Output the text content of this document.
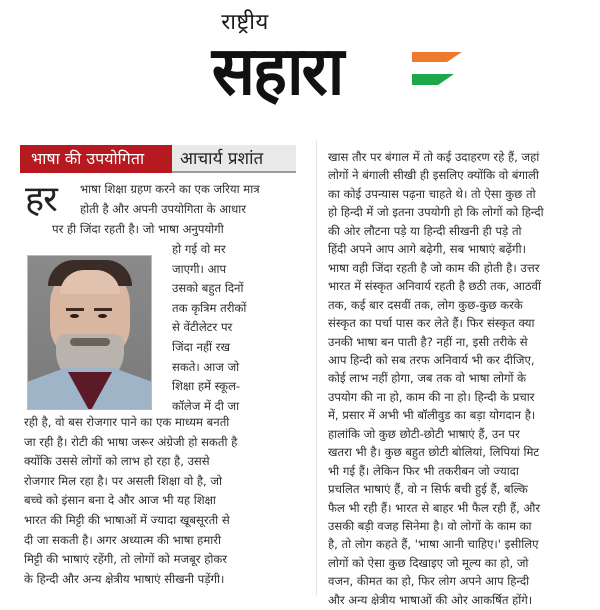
राष्ट्रीय
सहारा
भाषा की उपयोगिता	आचार्य प्रशांत
हर भाषा शिक्षा ग्रहण करने का एक जरिया मात्र
होती है और अपनी उपयोगिता के आधार
पर ही जिंदा रहती है। जो भाषा अनुपयोगी
हो गई वो मर
जाएगी। आप
उसको बहुत दिनों
तक कृत्रिम तरीकों
से वेंटीलेटर पर
जिंदा नहीं रख
सकते। आज जो
शिक्षा हमें स्कूल-
कॉलेज में दी जा
रही है, वो बस रोजगार पाने का एक माध्यम बनती
जा रही है। रोटी की भाषा जरूर अंग्रेजी हो सकती है
क्योंकि उससे लोगों को लाभ हो रहा है, उससे
रोजगार मिल रहा है। पर असली शिक्षा वो है, जो
बच्चे को इंसान बना दे और आज भी यह शिक्षा
भारत की मिट्टी की भाषाओं में ज्यादा खूबसूरती से
दी जा सकती है। अगर अध्यात्म की भाषा हमारी
मिट्टी की भाषाएं रहेंगी, तो लोगों को मजबूर होकर
के हिन्दी और अन्य क्षेत्रीय भाषाएं सीखनी पड़ेंगी।
खास तौर पर बंगाल में तो कई उदाहरण रहे हैं, जहां
लोगों ने बंगाली सीखी ही इसलिए क्योंकि वो बंगाली
का कोई उपन्यास पढ़ना चाहते थे। तो ऐसा कुछ तो
हो हिन्दी में जो इतना उपयोगी हो कि लोगों को हिन्दी
की ओर लौटना पड़े या हिन्दी सीखनी ही पड़े तो
हिंदी अपने आप आगे बढ़ेगी, सब भाषाएं बढ़ेंगी।
भाषा वही जिंदा रहती है जो काम की होती है। उत्तर
भारत में संस्कृत अनिवार्य रहती है छठी तक, आठवीं
तक, कई बार दसवीं तक, लोग कुछ-कुछ करके
संस्कृत का पर्चा पास कर लेते हैं। फिर संस्कृत क्या
उनकी भाषा बन पाती है? नहीं ना, इसी तरीके से
आप हिन्दी को सब तरफ अनिवार्य भी कर दीजिए,
कोई लाभ नहीं होगा, जब तक वो भाषा लोगों के
उपयोग की ना हो, काम की ना हो। हिन्दी के प्रचार
में, प्रसार में अभी भी बॉलीवुड का बड़ा योगदान है।
हालांकि जो कुछ छोटी-छोटी भाषाएं हैं, उन पर
खतरा भी है। कुछ बहुत छोटी बोलियां, लिपियां मिट
भी गई हैं। लेकिन फिर भी तकरीबन जो ज्यादा
प्रचलित भाषाएं हैं, वो न सिर्फ बची हुई हैं, बल्कि
फैल भी रही हैं। भारत से बाहर भी फैल रही हैं, और
उसकी बड़ी वजह सिनेमा है। वो लोगों के काम का
है, तो लोग कहते हैं, 'भाषा आनी चाहिए।' इसीलिए
लोगों को ऐसा कुछ दिखाइए जो मूल्य का हो, जो
वजन, कीमत का हो, फिर लोग अपने आप हिन्दी
और अन्य क्षेत्रीय भाषाओं की ओर आकर्षित होंगे।
